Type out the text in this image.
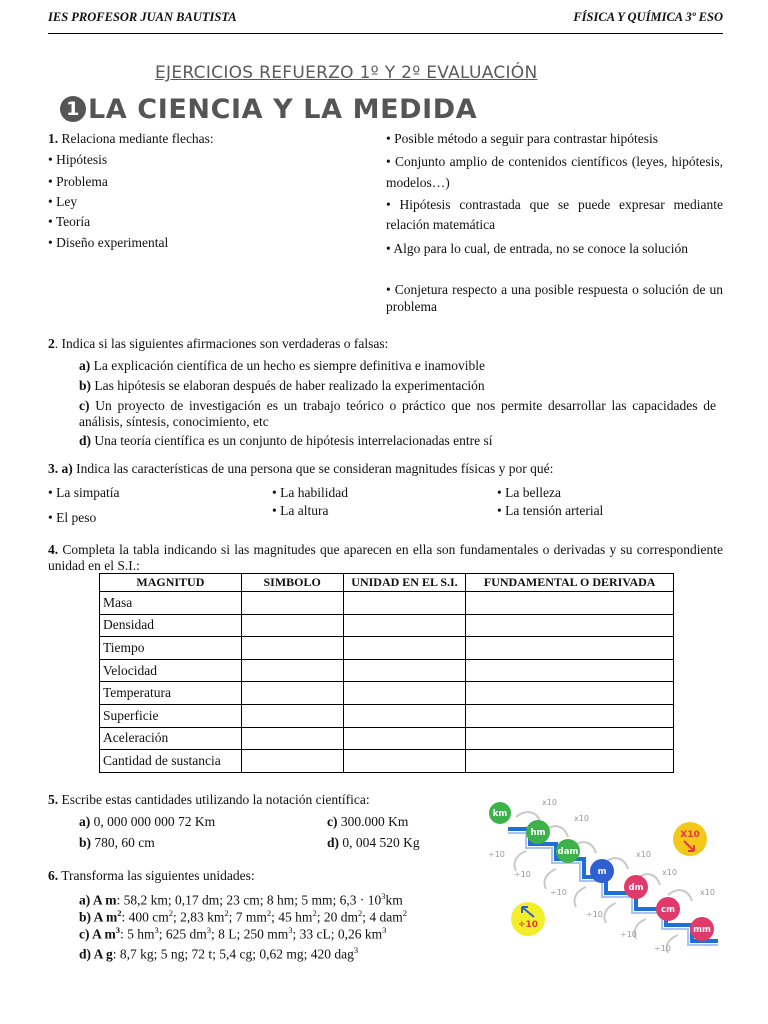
IES PROFESOR JUAN BAUTISTA	FÍSICA Y QUÍMICA 3º ESO
EJERCICIOS REFUERZO 1º Y 2º EVALUACIÓN
1 LA CIENCIA Y LA MEDIDA
1. Relaciona mediante flechas:
• Hipótesis
• Problema
• Ley
• Teoría
• Diseño experimental
• Posible método a seguir para contrastar hipótesis
• Conjunto amplio de contenidos científicos (leyes, hipótesis, modelos…)
• Hipótesis contrastada que se puede expresar mediante relación matemática
• Algo para lo cual, de entrada, no se conoce la solución
• Conjetura respecto a una posible respuesta o solución de un problema
2. Indica si las siguientes afirmaciones son verdaderas o falsas:
a) La explicación científica de un hecho es siempre definitiva e inamovible
b) Las hipótesis se elaboran después de haber realizado la experimentación
c) Un proyecto de investigación es un trabajo teórico o práctico que nos permite desarrollar las capacidades de análisis, síntesis, conocimiento, etc
d) Una teoría científica es un conjunto de hipótesis interrelacionadas entre sí
3. a) Indica las características de una persona que se consideran magnitudes físicas y por qué:
• La simpatía	• La habilidad	• La belleza
• El peso	• La altura	• La tensión arterial
4. Completa la tabla indicando si las magnitudes que aparecen en ella son fundamentales o derivadas y su correspondiente unidad en el S.I.:
MAGNITUD	SIMBOLO	UNIDAD EN EL S.I.	FUNDAMENTAL O DERIVADA
Masa			
Densidad			
Tiempo			
Velocidad			
Temperatura			
Superficie			
Aceleración			
Cantidad de sustancia			
5. Escribe estas cantidades utilizando la notación científica:
a) 0, 000 000 000 72 Km	c) 300.000 Km
b) 780, 60 cm	d) 0, 004 520 Kg
6. Transforma las siguientes unidades:
a) A m: 58,2 km; 0,17 dm; 23 cm; 8 hm; 5 mm; $6,3 \cdot 10^3km$
b) A $m^2$: 400 $cm^2$; 2,83 $km^2$; 7 $mm^2$; 45 $hm^2$; 20 $dm^2$; 4 dam$^2$
c) A $m^3$: 5 $hm^3$; 625 $dm^3$; 8 L; 250 $mm^3$; 33 cL; 0,26 $km^3$
d) A g: 8,7 kg; 5 ng; 72 t; 5,4 cg; 0,62 mg; 420 dag$^3$
x10
x10
x10
x10
x10
÷10
÷10
÷10
÷10
÷10
÷10
km
hm
dam
m
dm
cm
mm
X10
÷10
